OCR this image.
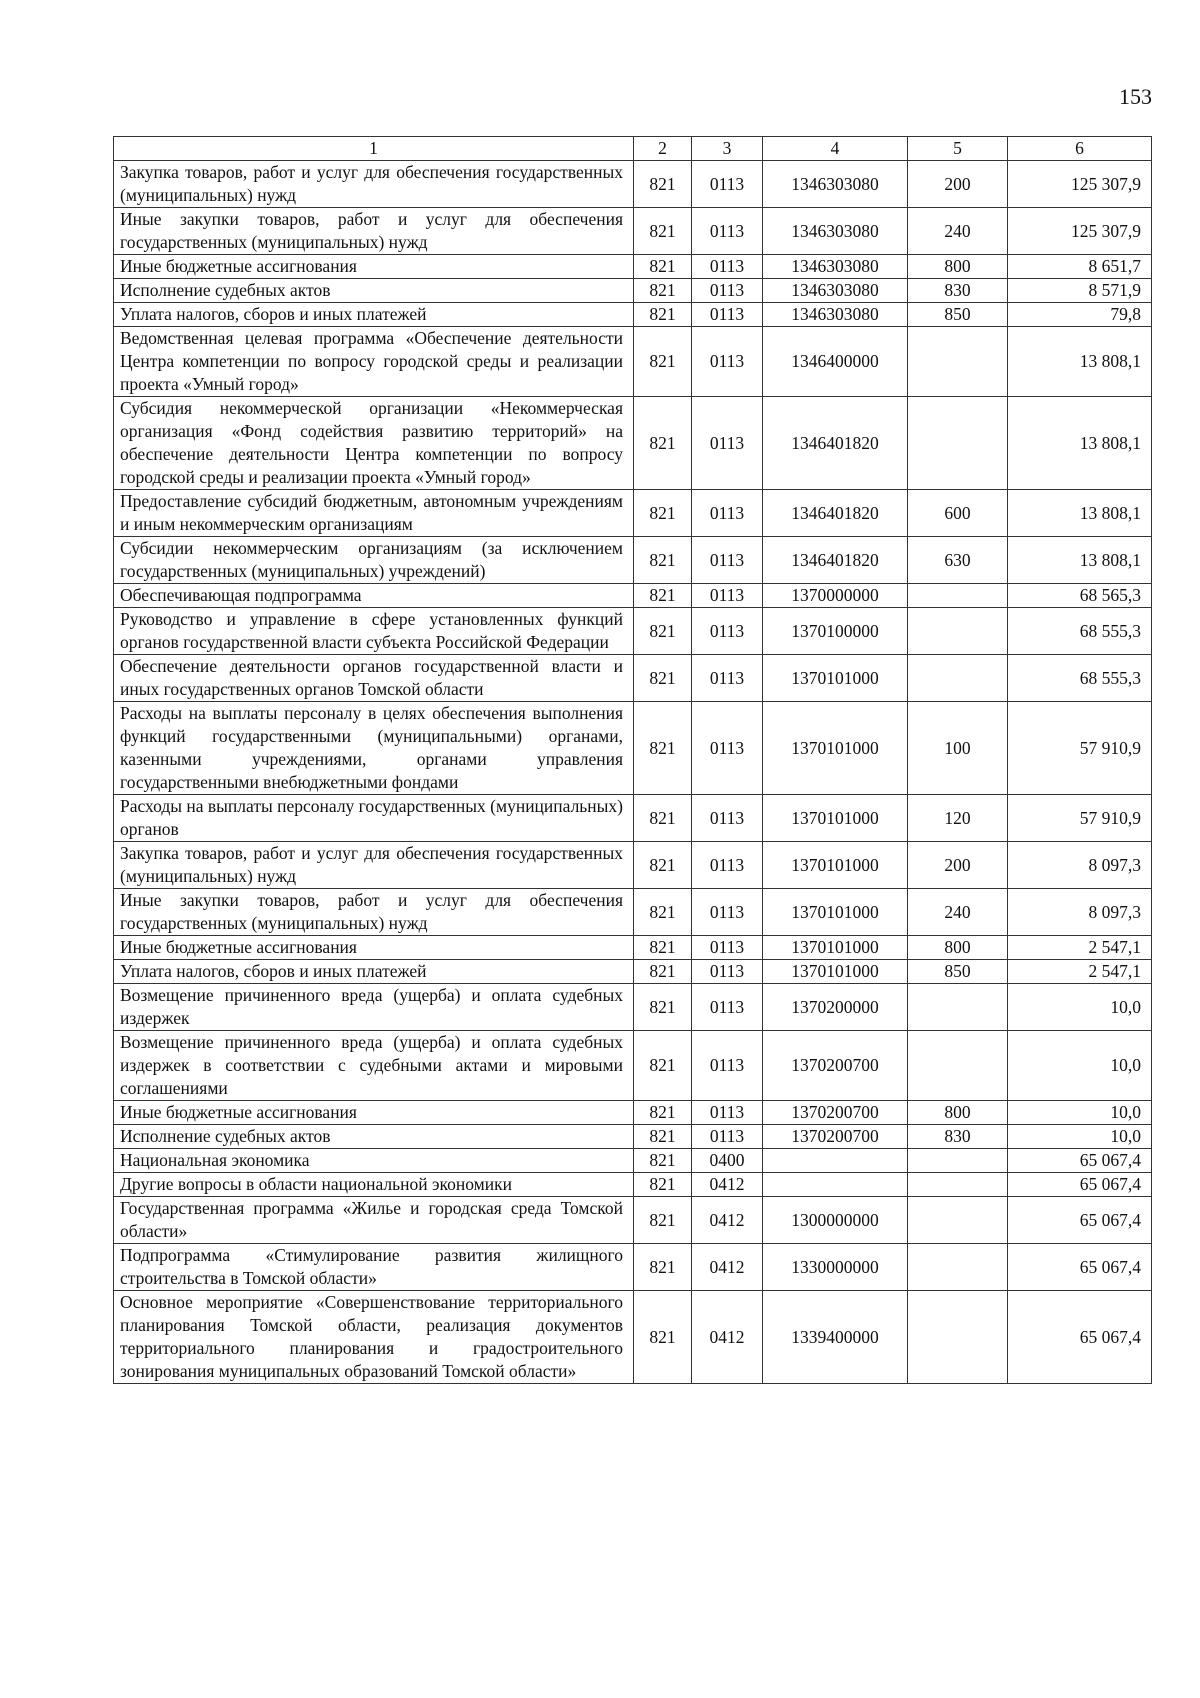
153
1	2	3	4	5	6
Закупка товаров, работ и услуг для обеспечения государственных (муниципальных) нужд	821	0113	1346303080	200	125 307,9
Иные закупки товаров, работ и услуг для обеспечения государственных (муниципальных) нужд	821	0113	1346303080	240	125 307,9
Иные бюджетные ассигнования	821	0113	1346303080	800	8 651,7
Исполнение судебных актов	821	0113	1346303080	830	8 571,9
Уплата налогов, сборов и иных платежей	821	0113	1346303080	850	79,8
Ведомственная целевая программа «Обеспечение деятельности Центра компетенции по вопросу городской среды и реализации проекта «Умный город»	821	0113	1346400000		13 808,1
Субсидия некоммерческой организации «Некоммерческая организация «Фонд содействия развитию территорий» на обеспечение деятельности Центра компетенции по вопросу городской среды и реализации проекта «Умный город»	821	0113	1346401820		13 808,1
Предоставление субсидий бюджетным, автономным учреждениям и иным некоммерческим организациям	821	0113	1346401820	600	13 808,1
Субсидии некоммерческим организациям (за исключением государственных (муниципальных) учреждений)	821	0113	1346401820	630	13 808,1
Обеспечивающая подпрограмма	821	0113	1370000000		68 565,3
Руководство и управление в сфере установленных функций органов государственной власти субъекта Российской Федерации	821	0113	1370100000		68 555,3
Обеспечение деятельности органов государственной власти и иных государственных органов Томской области	821	0113	1370101000		68 555,3
Расходы на выплаты персоналу в целях обеспечения выполнения функций государственными (муниципальными) органами, казенными учреждениями, органами управления государственными внебюджетными фондами	821	0113	1370101000	100	57 910,9
Расходы на выплаты персоналу государственных (муниципальных) органов	821	0113	1370101000	120	57 910,9
Закупка товаров, работ и услуг для обеспечения государственных (муниципальных) нужд	821	0113	1370101000	200	8 097,3
Иные закупки товаров, работ и услуг для обеспечения государственных (муниципальных) нужд	821	0113	1370101000	240	8 097,3
Иные бюджетные ассигнования	821	0113	1370101000	800	2 547,1
Уплата налогов, сборов и иных платежей	821	0113	1370101000	850	2 547,1
Возмещение причиненного вреда (ущерба) и оплата судебных издержек	821	0113	1370200000		10,0
Возмещение причиненного вреда (ущерба) и оплата судебных издержек в соответствии с судебными актами и мировыми соглашениями	821	0113	1370200700		10,0
Иные бюджетные ассигнования	821	0113	1370200700	800	10,0
Исполнение судебных актов	821	0113	1370200700	830	10,0
Национальная экономика	821	0400			65 067,4
Другие вопросы в области национальной экономики	821	0412			65 067,4
Государственная программа «Жилье и городская среда Томской области»	821	0412	1300000000		65 067,4
Подпрограмма «Стимулирование развития жилищного строительства в Томской области»	821	0412	1330000000		65 067,4
Основное мероприятие «Совершенствование территориального планирования Томской области, реализация документов территориального планирования и градостроительного зонирования муниципальных образований Томской области»	821	0412	1339400000		65 067,4
